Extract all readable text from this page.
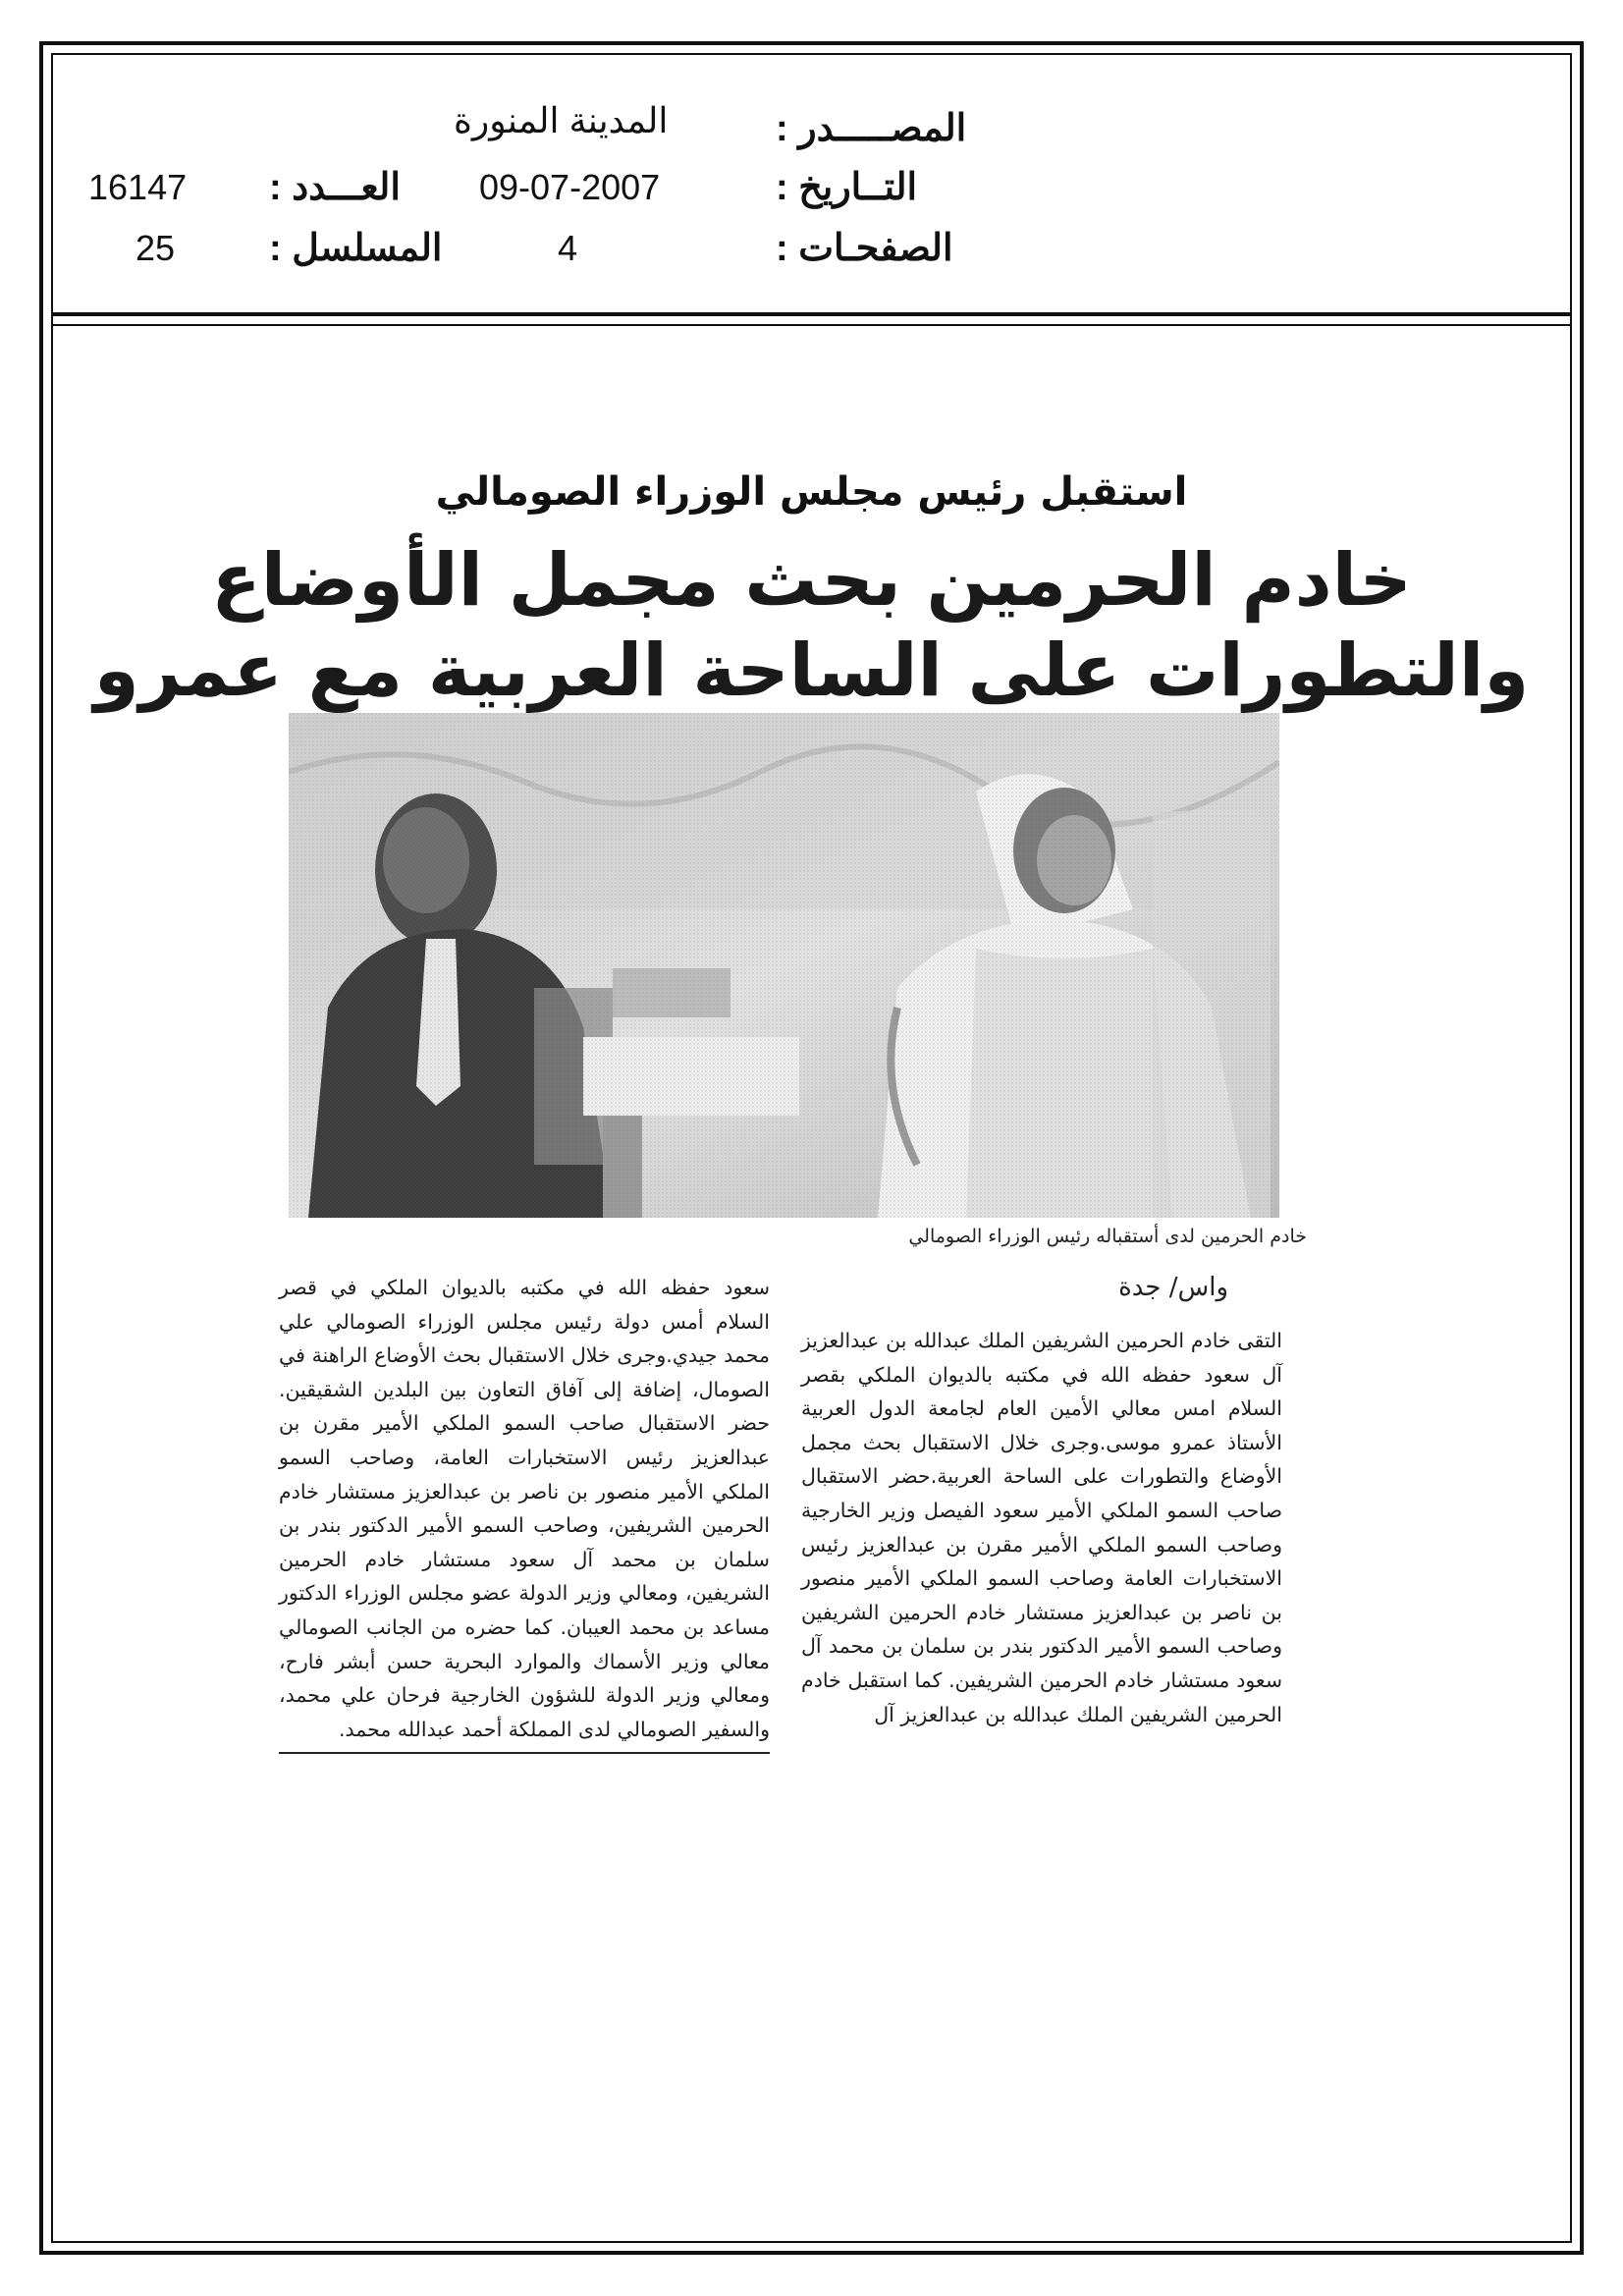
المصـــــدر :
المدينة المنورة
التــاريخ :
09-07-2007
العـــدد :
16147
الصفحـات :
4
المسلسل :
25
استقبل رئيس مجلس الوزراء الصومالي
خادم الحرمين بحث مجمل الأوضاع
والتطورات على الساحة العربية مع عمرو
خادم الحرمين لدى أستقباله رئيس الوزراء الصومالي
واس/ جدة
التقى خادم الحرمين الشريفين الملك عبدالله بن عبدالعزيز آل سعود حفظه الله في مكتبه بالديوان الملكي بقصر السلام امس معالي الأمين العام لجامعة الدول العربية الأستاذ عمرو موسى.وجرى خلال الاستقبال بحث مجمل الأوضاع والتطورات على الساحة العربية.حضر الاستقبال صاحب السمو الملكي الأمير سعود الفيصل وزير الخارجية وصاحب السمو الملكي الأمير مقرن بن عبدالعزيز رئيس الاستخبارات العامة وصاحب السمو الملكي الأمير منصور بن ناصر بن عبدالعزيز مستشار خادم الحرمين الشريفين وصاحب السمو الأمير الدكتور بندر بن سلمان بن محمد آل سعود مستشار خادم الحرمين الشريفين. كما استقبل خادم الحرمين الشريفين الملك عبدالله بن عبدالعزيز آل
سعود حفظه الله في مكتبه بالديوان الملكي في قصر السلام أمس دولة رئيس مجلس الوزراء الصومالي علي محمد جيدي.وجرى خلال الاستقبال بحث الأوضاع الراهنة في الصومال، إضافة إلى آفاق التعاون بين البلدين الشقيقين. حضر الاستقبال صاحب السمو الملكي الأمير مقرن بن عبدالعزيز رئيس الاستخبارات العامة، وصاحب السمو الملكي الأمير منصور بن ناصر بن عبدالعزيز مستشار خادم الحرمين الشريفين، وصاحب السمو الأمير الدكتور بندر بن سلمان بن محمد آل سعود مستشار خادم الحرمين الشريفين، ومعالي وزير الدولة عضو مجلس الوزراء الدكتور مساعد بن محمد العيبان. كما حضره من الجانب الصومالي معالي وزير الأسماك والموارد البحرية حسن أبشر فارح، ومعالي وزير الدولة للشؤون الخارجية فرحان علي محمد، والسفير الصومالي لدى المملكة أحمد عبدالله محمد.
